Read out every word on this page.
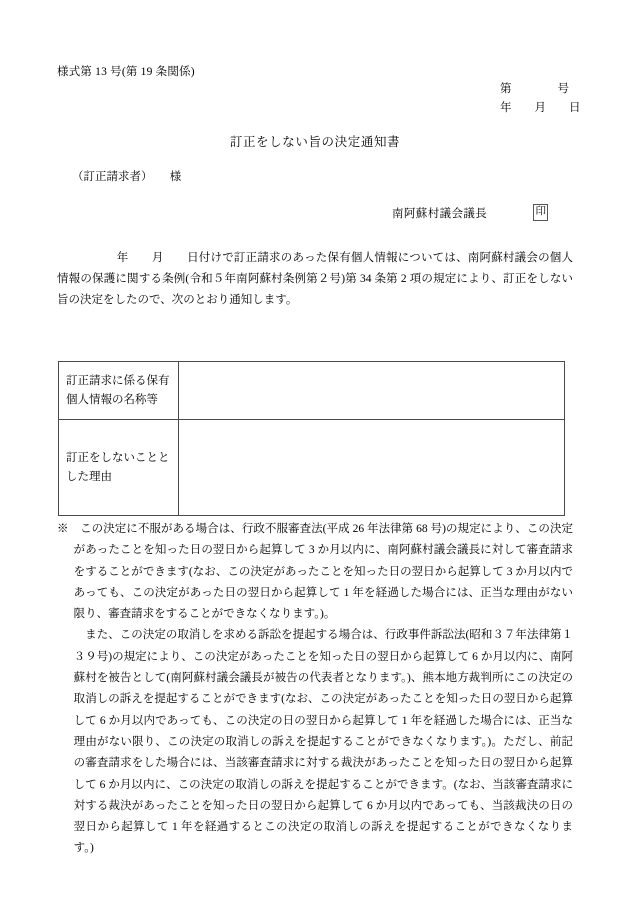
様式第 13 号(第 19 条関係)
第　　　　号
年　　月　　日
訂正をしない旨の決定通知書
（訂正請求者）　　様
南阿蘇村議会議長	印
年　　月　　日付けで訂正請求のあった保有個人情報については、南阿蘇村議会の個人情報の保護に関する条例(令和５年南阿蘇村条例第２号)第 34 条第 2 項の規定により、訂正をしない旨の決定をしたので、次のとおり通知します。
訂正請求に係る保有個人情報の名称等	

訂正をしないこととした理由	

※　この決定に不服がある場合は、行政不服審査法(平成 26 年法律第 68 号)の規定により、この決定があったことを知った日の翌日から起算して 3 か月以内に、南阿蘇村議会議長に対して審査請求をすることができます(なお、この決定があったことを知った日の翌日から起算して 3 か月以内であっても、この決定があった日の翌日から起算して 1 年を経過した場合には、正当な理由がない限り、審査請求をすることができなくなります。)。
また、この決定の取消しを求める訴訟を提起する場合は、行政事件訴訟法(昭和３７年法律第１３９号)の規定により、この決定があったことを知った日の翌日から起算して 6 か月以内に、南阿蘇村を被告として(南阿蘇村議会議長が被告の代表者となります。)、熊本地方裁判所にこの決定の取消しの訴えを提起することができます(なお、この決定があったことを知った日の翌日から起算して 6 か月以内であっても、この決定の日の翌日から起算して 1 年を経過した場合には、正当な理由がない限り、この決定の取消しの訴えを提起することができなくなります。)。ただし、前記の審査請求をした場合には、当該審査請求に対する裁決があったことを知った日の翌日から起算して 6 か月以内に、この決定の取消しの訴えを提起することができます。(なお、当該審査請求に対する裁決があったことを知った日の翌日から起算して 6 か月以内であっても、当該裁決の日の翌日から起算して 1 年を経過するとこの決定の取消しの訴えを提起することができなくなります。)
